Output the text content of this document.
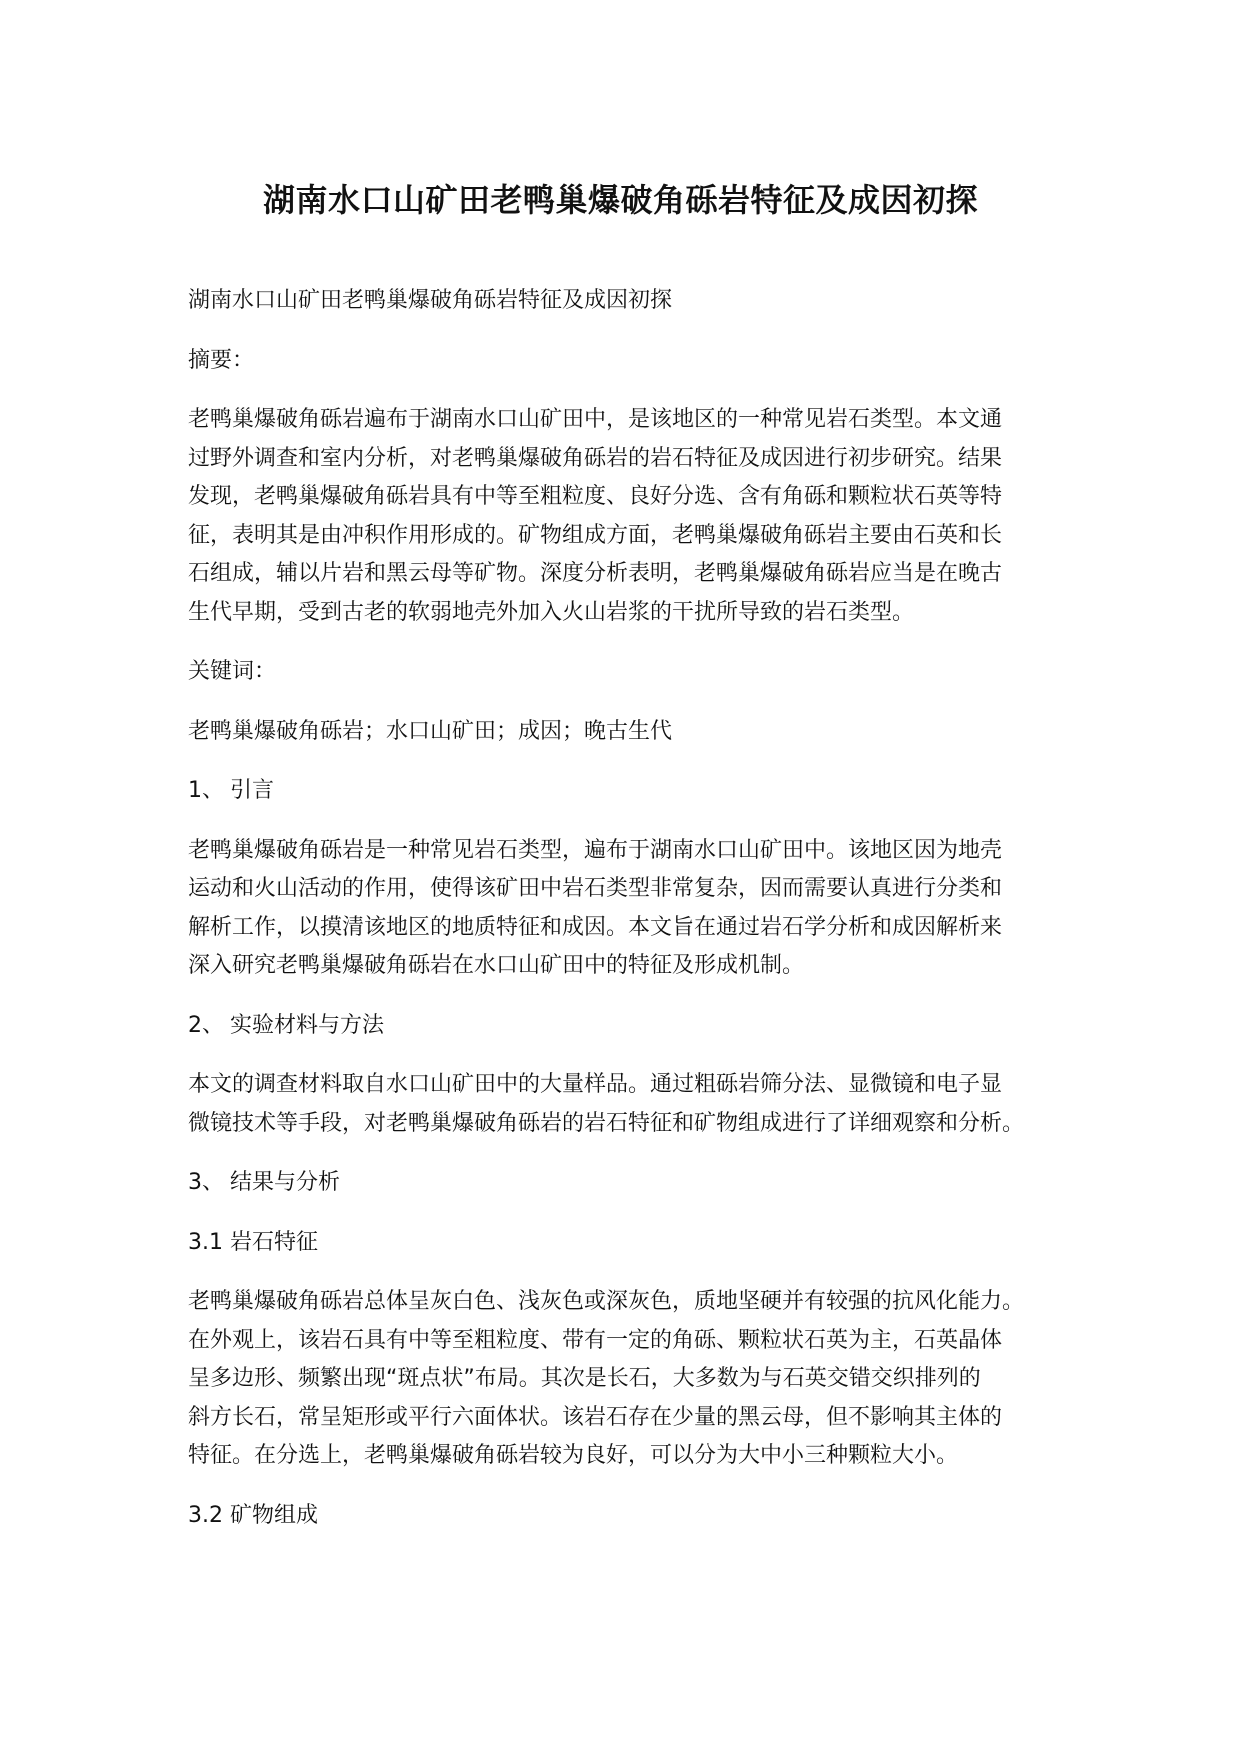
湖南水口山矿田老鸭巢爆破角砾岩特征及成因初探
湖南水口山矿田老鸭巢爆破角砾岩特征及成因初探
摘要：
老鸭巢爆破角砾岩遍布于湖南水口山矿田中，是该地区的一种常见岩石类型。本文通
过野外调查和室内分析，对老鸭巢爆破角砾岩的岩石特征及成因进行初步研究。结果
发现，老鸭巢爆破角砾岩具有中等至粗粒度、良好分选、含有角砾和颗粒状石英等特
征，表明其是由冲积作用形成的。矿物组成方面，老鸭巢爆破角砾岩主要由石英和长
石组成，辅以片岩和黑云母等矿物。深度分析表明，老鸭巢爆破角砾岩应当是在晚古
生代早期，受到古老的软弱地壳外加入火山岩浆的干扰所导致的岩石类型。
关键词：
老鸭巢爆破角砾岩；水口山矿田；成因；晚古生代
1、 引言
老鸭巢爆破角砾岩是一种常见岩石类型，遍布于湖南水口山矿田中。该地区因为地壳
运动和火山活动的作用，使得该矿田中岩石类型非常复杂，因而需要认真进行分类和
解析工作，以摸清该地区的地质特征和成因。本文旨在通过岩石学分析和成因解析来
深入研究老鸭巢爆破角砾岩在水口山矿田中的特征及形成机制。
2、 实验材料与方法
本文的调查材料取自水口山矿田中的大量样品。通过粗砾岩筛分法、显微镜和电子显
微镜技术等手段，对老鸭巢爆破角砾岩的岩石特征和矿物组成进行了详细观察和分析。
3、 结果与分析
3.1 岩石特征
老鸭巢爆破角砾岩总体呈灰白色、浅灰色或深灰色，质地坚硬并有较强的抗风化能力。
在外观上，该岩石具有中等至粗粒度、带有一定的角砾、颗粒状石英为主，石英晶体
呈多边形、频繁出现“斑点状”布局。其次是长石，大多数为与石英交错交织排列的
斜方长石，常呈矩形或平行六面体状。该岩石存在少量的黑云母，但不影响其主体的
特征。在分选上，老鸭巢爆破角砾岩较为良好，可以分为大中小三种颗粒大小。
3.2 矿物组成
